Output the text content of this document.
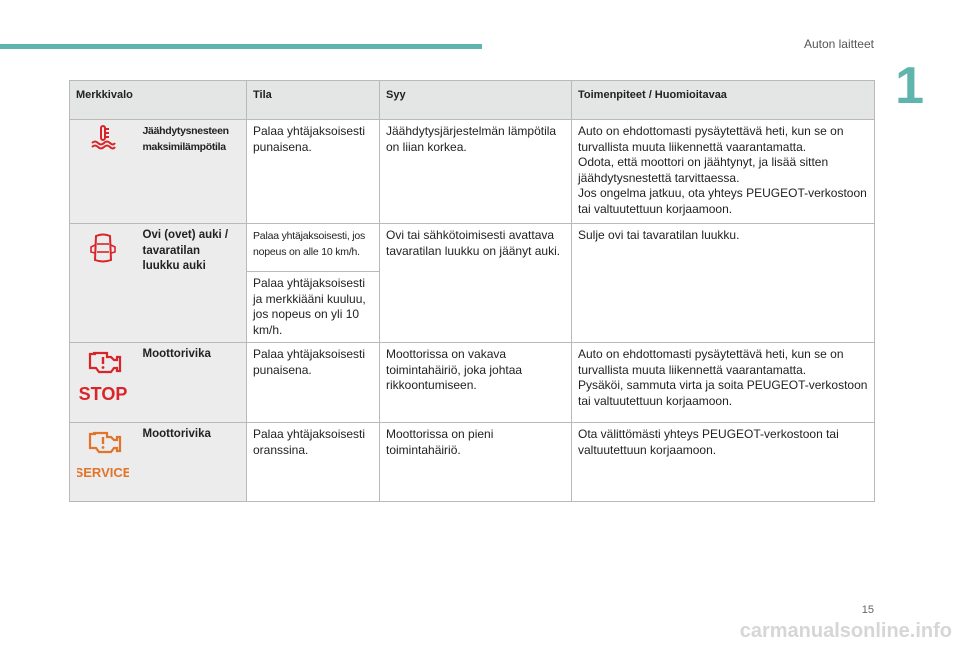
Auton laitteet
1
Merkkivalo		Tila	Syy	Toimenpiteet / Huomioitavaa
	Jäähdytysnesteen maksimilämpötila	Palaa yhtäjaksoisesti punaisena.	Jäähdytysjärjestelmän lämpötila on liian korkea.	Auto on ehdottomasti pysäytettävä heti, kun se on turvallista muuta liikennettä vaarantamatta.
Odota, että moottori on jäähtynyt, ja lisää sitten jäähdytysnestettä tarvittaessa.
Jos ongelma jatkuu, ota yhteys PEUGEOT-verkostoon tai valtuutettuun korjaamoon.
	Ovi (ovet) auki / tavaratilan luukku auki	Palaa yhtäjaksoisesti, jos nopeus on alle 10 km/h.	Ovi tai sähkötoimisesti avattava tavaratilan luukku on jäänyt auki.	Sulje ovi tai tavaratilan luukku.
		Palaa yhtäjaksoisesti ja merkkiääni kuuluu, jos nopeus on yli 10 km/h.		

STOP	Moottorivika	Palaa yhtäjaksoisesti punaisena.	Moottorissa on vakava toimintahäiriö, joka johtaa rikkoontumiseen.	Auto on ehdottomasti pysäytettävä heti, kun se on turvallista muuta liikennettä vaarantamatta.
Pysäköi, sammuta virta ja soita PEUGEOT-verkostoon tai valtuutettuun korjaamoon.

SERVICE	Moottorivika	Palaa yhtäjaksoisesti oranssina.	Moottorissa on pieni toimintahäiriö.	Ota välittömästi yhteys PEUGEOT-verkostoon tai valtuutettuun korjaamoon.
15
carmanualsonline.info
